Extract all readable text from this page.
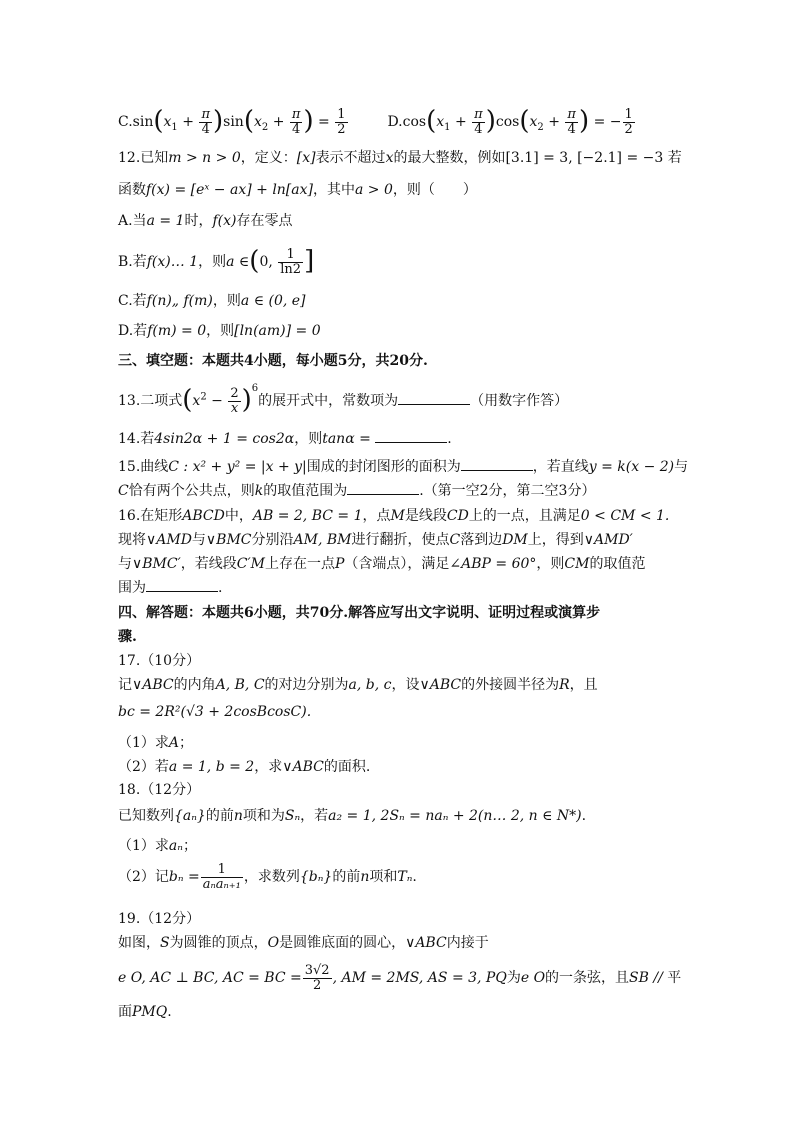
$C.\sin(x_1 + \frac{\pi}{4} )\sin(x_2 + \frac{\pi}{4}$ ) = $\frac{1}{2}$	$D.\cos(x_1 + \frac{\pi}{4} )\cos(x_2 + \frac{\pi}{4}$ ) = − $\frac{1}{2}$
12.已知m > n > 0，定义：[x]表示不超过x的最大整数，例如[3.1] = 3, [−2.1] = −3 若
函数f(x) = [eˣ − ax] + ln[ax]，其中a > 0，则（　　）
A.当a = 1时，f(x)存在零点
B.若f(x)… 1，则a ∈(0, $\frac{1}{\ln 2}$ ]
C.若f(n)„ f(m)，则a ∈ (0, e]
D.若f(m) = 0，则[ln(am)] = 0
三、填空题：本题共4小题，每小题5分，共20分.
13.二项式$(x^2 - \frac{2}{x} )^6$的展开式中，常数项为	（用数字作答）
14.若4sin2α + 1 = cos2α，则tanα =	.
15.曲线C : x² + y² = |x + y|围成的封闭图形的面积为	，若直线y = k(x − 2)与
C恰有两个公共点，则k的取值范围为	.（第一空2分，第二空3分）
16.在矩形ABCD中，AB = 2, BC = 1，点M是线段CD上的一点，且满足0 < CM < 1.
现将∨AMD与∨BMC分别沿AM, BM进行翻折，使点C落到边DM上，得到∨AMD′
与∨BMC′，若线段C′M上存在一点P（含端点），满足∠ABP = 60°，则CM的取值范
围为	.
四、解答题：本题共6小题，共70分.解答应写出文字说明、证明过程或演算步
骤.
17.（10分）
记∨ABC的内角A, B, C的对边分别为a, b, c，设∨ABC的外接圆半径为R，且
bc = 2R²(√3 + 2cosBcosC).
（1）求A；
（2）若a = 1, b = 2，求∨ABC的面积.
18.（12分）
已知数列{aₙ}的前n项和为Sₙ，若a₂ = 1, 2Sₙ = naₙ + 2(n… 2, n ∈ N*).
（1）求aₙ；
（2）记$b_n = \frac{1}{\text{aₙaₙ₊₁}}$ ，求数列{bₙ}的前n项和Tₙ.
19.（12分）
如图，S为圆锥的顶点，O是圆锥底面的圆心，∨ABC内接于
e O, AC ⊥ BC, AC = BC = $\frac{3√2}{2}$ , AM = 2MS, AS = 3, PQ为e O的一条弦，且SB // 平
面PMQ.
